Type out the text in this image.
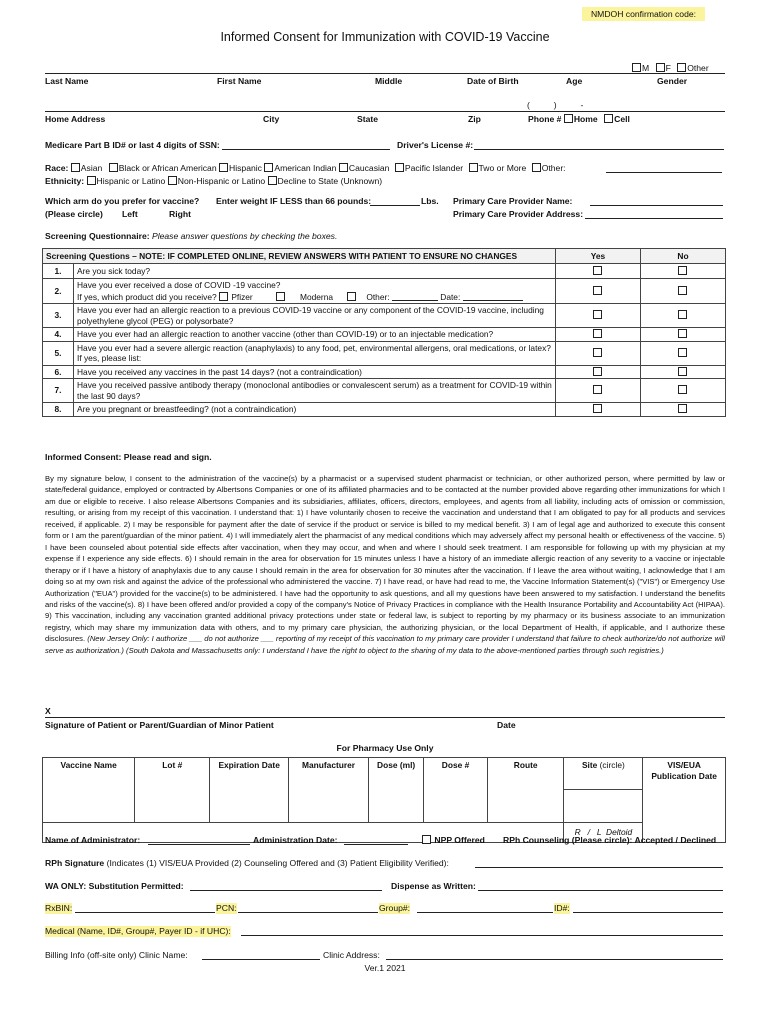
NMDOH confirmation code:
Informed Consent for Immunization with COVID-19 Vaccine
M F Other
Last Name	First Name	Middle	Date of Birth	Age	Gender
(          )          -
Home Address	City	State	Zip	Phone # Home Cell
Medicare Part B ID# or last 4 digits of SSN:	Driver's License #:
Race: Asian Black or African American Hispanic American Indian Caucasian Pacific Islander Two or More Other:
Ethnicity: Hispanic or Latino Non-Hispanic or Latino Decline to State (Unknown)
Which arm do you prefer for vaccine?
(Please circle) Left	Right
Enter weight IF LESS than 66 pounds:	Lbs. Primary Care Provider Name:
Primary Care Provider Address:
Screening Questionnaire: Please answer questions by checking the boxes.
Screening Questions – NOTE: IF COMPLETED ONLINE, REVIEW ANSWERS WITH PATIENT TO ENSURE NO CHANGES		Yes	No
1.	Are you sick today?		
2.	Have you ever received a dose of COVID -19 vaccine?
If yes, which product did you receive? Pfizer Moderna Other: Date:		

3.	Have you ever had an allergic reaction to a previous COVID-19 vaccine or any component of the COVID-19 vaccine, including polyethylene glycol (PEG) or polysorbate?		
4.	Have you ever had an allergic reaction to another vaccine (other than COVID-19) or to an injectable medication?		
5.	Have you ever had a severe allergic reaction (anaphylaxis) to any food, pet, environmental allergens, oral medications, or latex? If yes, please list:		
6.	Have you received any vaccines in the past 14 days? (not a contraindication)		
7.	Have you received passive antibody therapy (monoclonal antibodies or convalescent serum) as a treatment for COVID-19 within the last 90 days?		
8.	Are you pregnant or breastfeeding? (not a contraindication)		
Informed Consent: Please read and sign.
By my signature below, I consent to the administration of the vaccine(s) by a pharmacist or a supervised student pharmacist or technician, or other authorized person, where permitted by law or state/federal guidance, employed or contracted by Albertsons Companies or one of its affiliated pharmacies and to be contacted at the number provided above regarding other immunizations for which I am due or eligible to receive. I also release Albertsons Companies and its subsidiaries, affiliates, officers, directors, employees, and agents from all liability, including acts of omission or commission, resulting, or arising from my receipt of this vaccination. I understand that: 1) I have voluntarily chosen to receive the vaccination and understand that I am obligated to pay for all products and services received, if applicable. 2) I may be responsible for payment after the date of service if the product or service is billed to my medical benefit. 3) I am of legal age and authorized to execute this consent form or I am the parent/guardian of the minor patient. 4) I will immediately alert the pharmacist of any medical conditions which may adversely affect my personal health or effectiveness of the vaccine. 5) I have been counseled about potential side effects after vaccination, when they may occur, and when and where I should seek treatment. I am responsible for following up with my physician at my expense if I experience any side effects. 6) I should remain in the area for observation for 15 minutes unless I have a history of an immediate allergic reaction of any severity to a vaccine or injectable therapy or if I have a history of anaphylaxis due to any cause I should remain in the area for observation for 30 minutes after the vaccination. If I leave the area without waiting, I acknowledge that I am doing so at my own risk and against the advice of the professional who administered the vaccine. 7) I have read, or have had read to me, the Vaccine Information Statement(s) ("VIS") or Emergency Use Authorization ("EUA") provided for the vaccine(s) to be administered. I have had the opportunity to ask questions, and all my questions have been answered to my satisfaction. I understand the benefits and risks of the vaccine(s). 8) I have been offered and/or provided a copy of the company's Notice of Privacy Practices in compliance with the Health Insurance Portability and Accountability Act (HIPAA). 9) This vaccination, including any vaccination granted additional privacy protections under state or federal law, is subject to reporting by my pharmacy or its business associate to an immunization registry, which may share my immunization data with others, and to my primary care physician, the authorizing physician, or the local Department of Health, if applicable, and I authorize these disclosures. (New Jersey Only: I authorize ___ do not authorize ___ reporting of my receipt of this vaccination to my primary care provider I understand that failure to check authorize/do not authorize will serve as authorization.) (South Dakota and Massachusetts only: I understand I have the right to object to the sharing of my data to the above-mentioned parties through such registries.)
X
Signature of Patient or Parent/Guardian of Minor Patient	Date
For Pharmacy Use Only
Vaccine Name	Lot #	Expiration Date	Manufacturer	Dose (ml)	Dose #	Route	Site (circle)	VIS/EUA Publication Date

							R   /   L  Deltoid	
Name of Administrator:	Administration Date:	NPP Offered RPh Counseling (Please circle): Accepted / Declined
RPh Signature (Indicates (1) VIS/EUA Provided (2) Counseling Offered and (3) Patient Eligibility Verified):
WA ONLY: Substitution Permitted:	Dispense as Written:
RxBIN:	PCN:	Group#:	ID#:
Medical (Name, ID#, Group#, Payer ID - if UHC):
Billing Info (off-site only) Clinic Name:	Clinic Address:
Ver.1 2021
